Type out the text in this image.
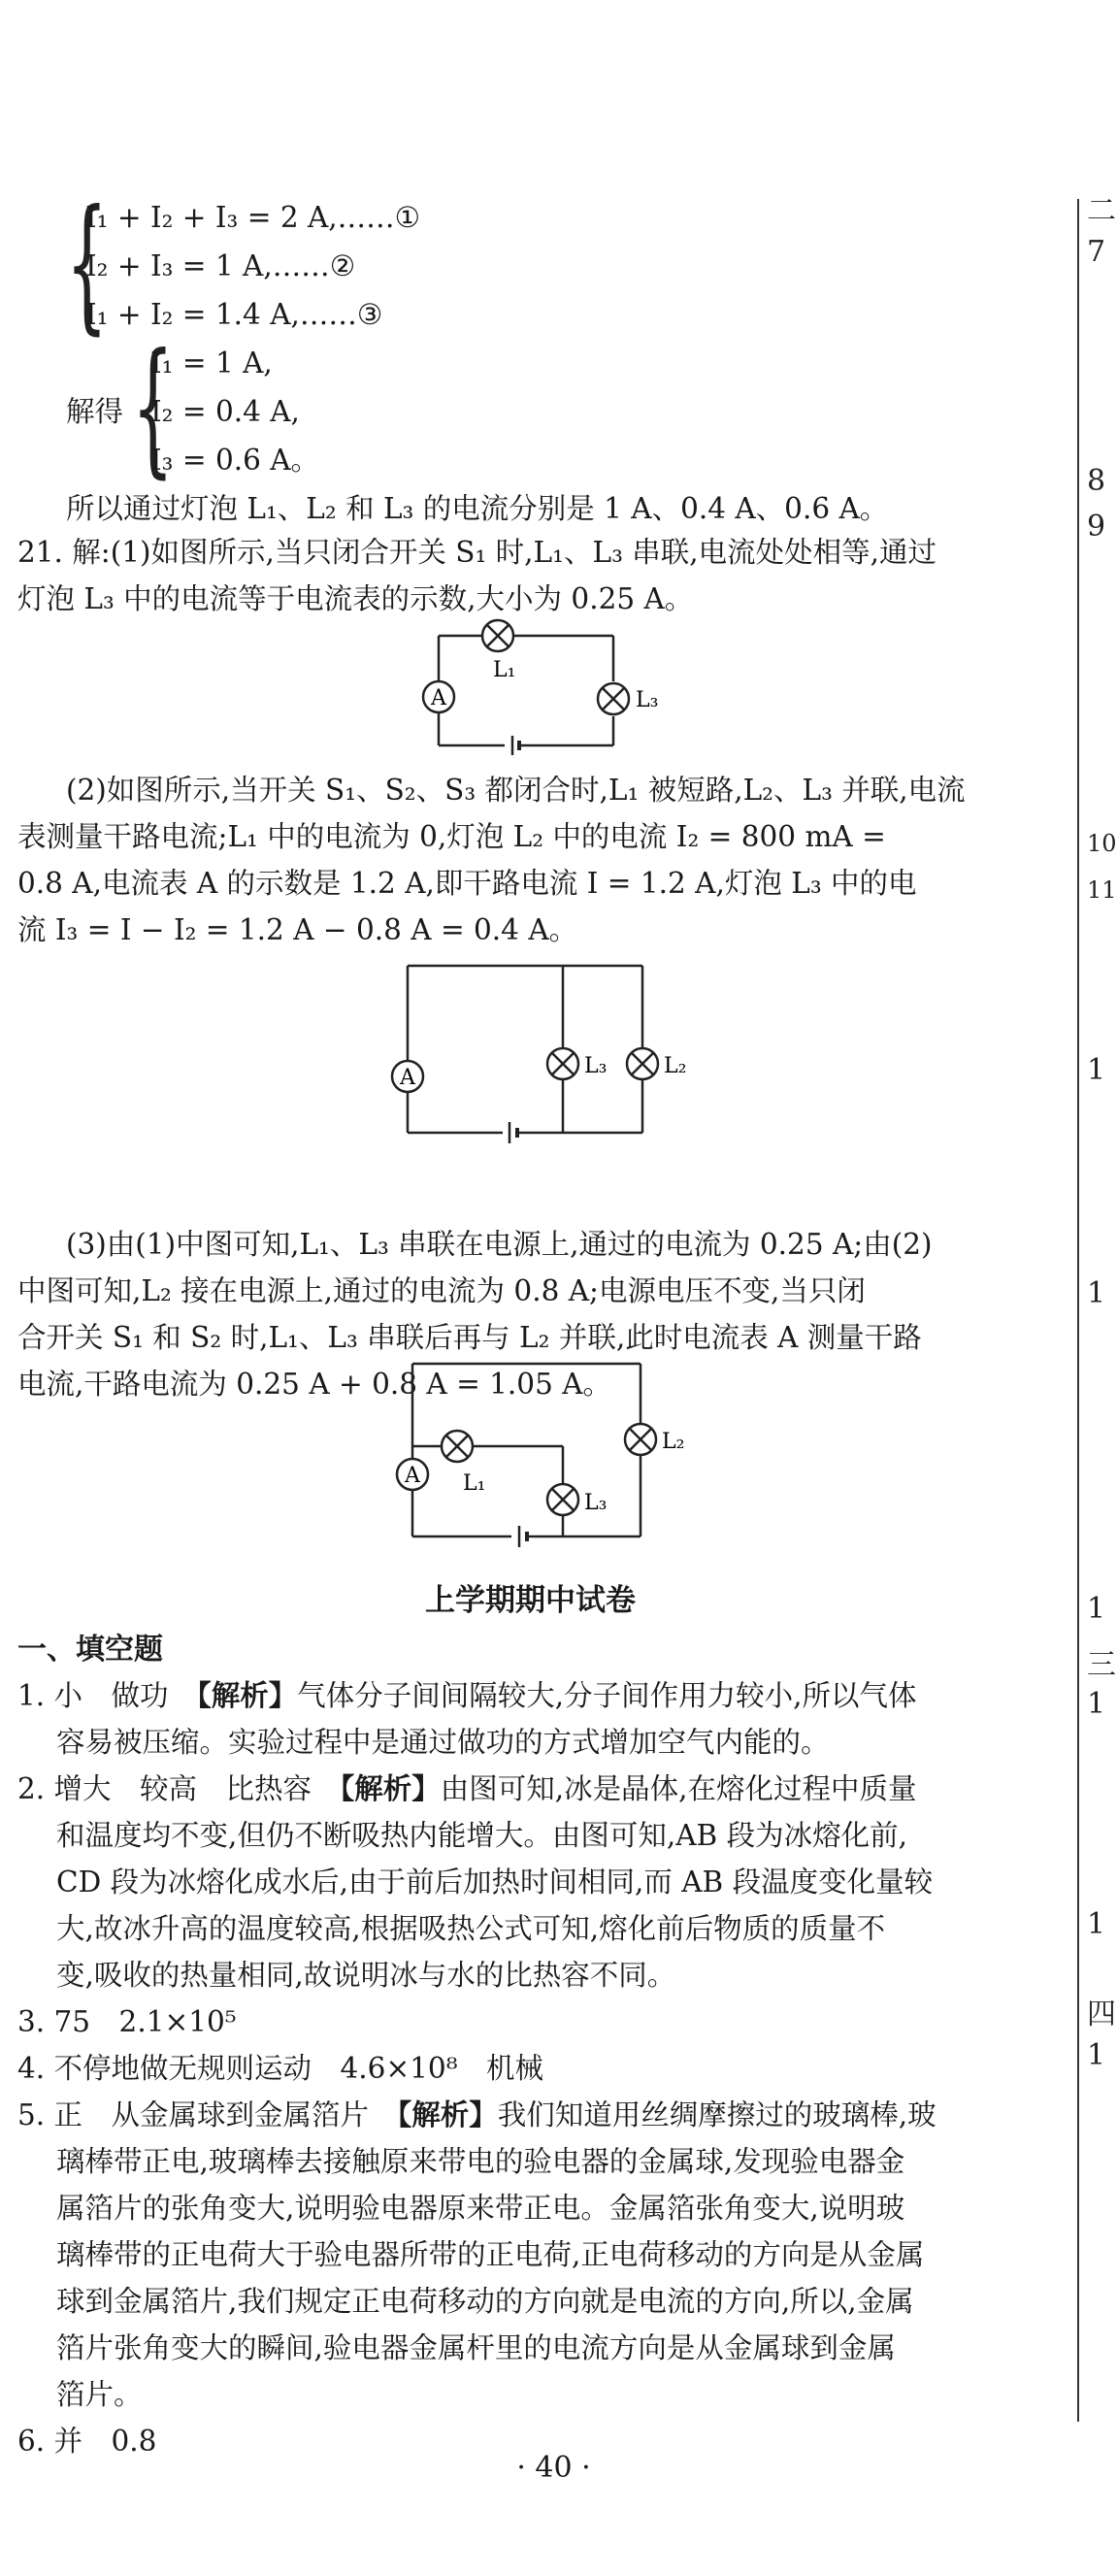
二
7
8
9
10
11
1
1
1
三
1
1
四
1
{
I₁ + I₂ + I₃ = 2 A,……①
I₂ + I₃ = 1 A,……②
I₁ + I₂ = 1.4 A,……③
解得 {
I₁ = 1 A,
I₂ = 0.4 A,
I₃ = 0.6 A。
所以通过灯泡 L₁、L₂ 和 L₃ 的电流分别是 1 A、0.4 A、0.6 A。
21. 解:(1)如图所示,当只闭合开关 S₁ 时,L₁、L₃ 串联,电流处处相等,通过
灯泡 L₃ 中的电流等于电流表的示数,大小为 0.25 A。
(2)如图所示,当开关 S₁、S₂、S₃ 都闭合时,L₁ 被短路,L₂、L₃ 并联,电流
表测量干路电流;L₁ 中的电流为 0,灯泡 L₂ 中的电流 I₂ = 800 mA =
0.8 A,电流表 A 的示数是 1.2 A,即干路电流 I = 1.2 A,灯泡 L₃ 中的电
流 I₃ = I − I₂ = 1.2 A − 0.8 A = 0.4 A。
(3)由(1)中图可知,L₁、L₃ 串联在电源上,通过的电流为 0.25 A;由(2)
中图可知,L₂ 接在电源上,通过的电流为 0.8 A;电源电压不变,当只闭
合开关 S₁ 和 S₂ 时,L₁、L₃ 串联后再与 L₂ 并联,此时电流表 A 测量干路
电流,干路电流为 0.25 A + 0.8 A = 1.05 A。
上学期期中试卷
一、填空题
1. 小　做功　【解析】气体分子间间隔较大,分子间作用力较小,所以气体
容易被压缩。实验过程中是通过做功的方式增加空气内能的。
2. 增大　较高　比热容　【解析】由图可知,冰是晶体,在熔化过程中质量
和温度均不变,但仍不断吸热内能增大。由图可知,AB 段为冰熔化前,
CD 段为冰熔化成水后,由于前后加热时间相同,而 AB 段温度变化量较
大,故冰升高的温度较高,根据吸热公式可知,熔化前后物质的质量不
变,吸收的热量相同,故说明冰与水的比热容不同。
3. 75　2.1×10⁵
4. 不停地做无规则运动　4.6×10⁸　机械
5. 正　从金属球到金属箔片　【解析】我们知道用丝绸摩擦过的玻璃棒,玻
璃棒带正电,玻璃棒去接触原来带电的验电器的金属球,发现验电器金
属箔片的张角变大,说明验电器原来带正电。金属箔张角变大,说明玻
璃棒带的正电荷大于验电器所带的正电荷,正电荷移动的方向是从金属
球到金属箔片,我们规定正电荷移动的方向就是电流的方向,所以,金属
箔片张角变大的瞬间,验电器金属杆里的电流方向是从金属球到金属
箔片。
6. 并　0.8
L₁
L₃
A
L₃	L₂
A
L₁
L₃
L₂
A
· 40 ·
